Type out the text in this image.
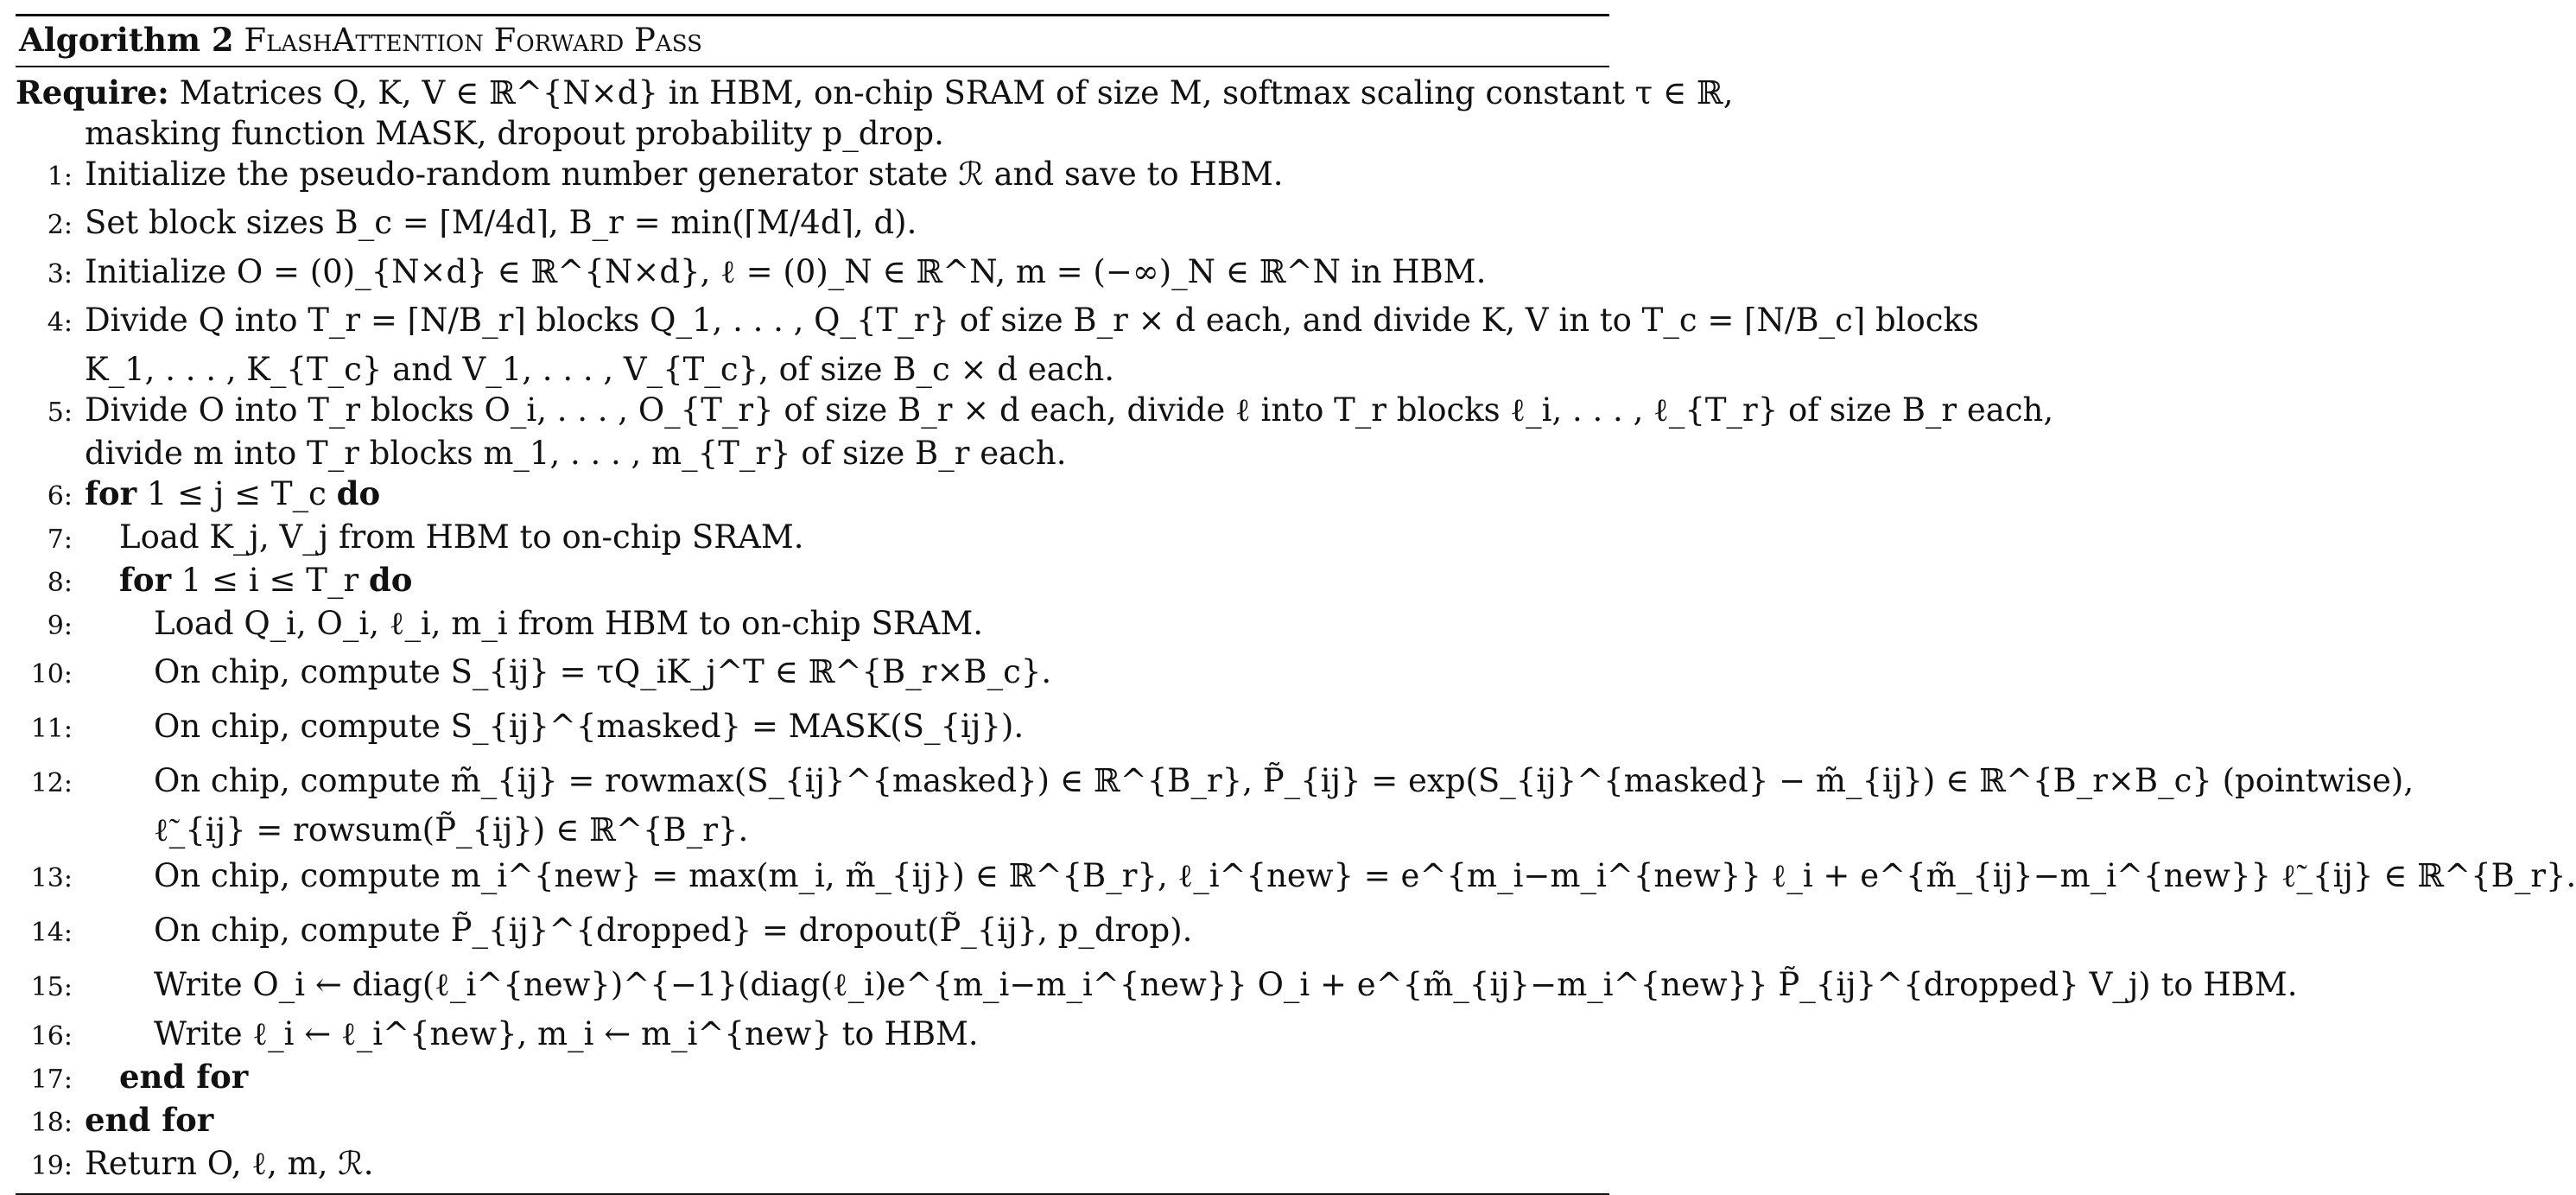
Algorithm 2 FlashAttention Forward Pass
Require: Matrices Q, K, V ∈ ℝ^{N×d} in HBM, on-chip SRAM of size M, softmax scaling constant τ ∈ ℝ,
masking function MASK, dropout probability p_drop.
1: Initialize the pseudo-random number generator state ℛ and save to HBM.
2: Set block sizes B_c = ⌈M/4d⌉, B_r = min(⌈M/4d⌉, d).
3: Initialize O = (0)_{N×d} ∈ ℝ^{N×d}, ℓ = (0)_N ∈ ℝ^N, m = (−∞)_N ∈ ℝ^N in HBM.
4: Divide Q into T_r = ⌈N/B_r⌉ blocks Q_1, . . . , Q_{T_r} of size B_r × d each, and divide K, V in to T_c = ⌈N/B_c⌉ blocks
K_1, . . . , K_{T_c} and V_1, . . . , V_{T_c}, of size B_c × d each.
5: Divide O into T_r blocks O_i, . . . , O_{T_r} of size B_r × d each, divide ℓ into T_r blocks ℓ_i, . . . , ℓ_{T_r} of size B_r each,
divide m into T_r blocks m_1, . . . , m_{T_r} of size B_r each.
6: for 1 ≤ j ≤ T_c do
7:	Load K_j, V_j from HBM to on-chip SRAM.
8:	for 1 ≤ i ≤ T_r do
9:	Load Q_i, O_i, ℓ_i, m_i from HBM to on-chip SRAM.
10:	On chip, compute S_{ij} = τQ_iK_j^T ∈ ℝ^{B_r×B_c}.
11:	On chip, compute S_{ij}^{masked} = MASK(S_{ij}).
12:	On chip, compute m̃_{ij} = rowmax(S_{ij}^{masked}) ∈ ℝ^{B_r}, P̃_{ij} = exp(S_{ij}^{masked} − m̃_{ij}) ∈ ℝ^{B_r×B_c} (pointwise),
ℓ̃_{ij} = rowsum(P̃_{ij}) ∈ ℝ^{B_r}.
13:	On chip, compute m_i^{new} = max(m_i, m̃_{ij}) ∈ ℝ^{B_r}, ℓ_i^{new} = e^{m_i−m_i^{new}} ℓ_i + e^{m̃_{ij}−m_i^{new}} ℓ̃_{ij} ∈ ℝ^{B_r}.
14:	On chip, compute P̃_{ij}^{dropped} = dropout(P̃_{ij}, p_drop).
15:	Write O_i ← diag(ℓ_i^{new})^{−1}(diag(ℓ_i)e^{m_i−m_i^{new}} O_i + e^{m̃_{ij}−m_i^{new}} P̃_{ij}^{dropped} V_j) to HBM.
16:	Write ℓ_i ← ℓ_i^{new}, m_i ← m_i^{new} to HBM.
17:	end for
18: end for
19: Return O, ℓ, m, ℛ.
